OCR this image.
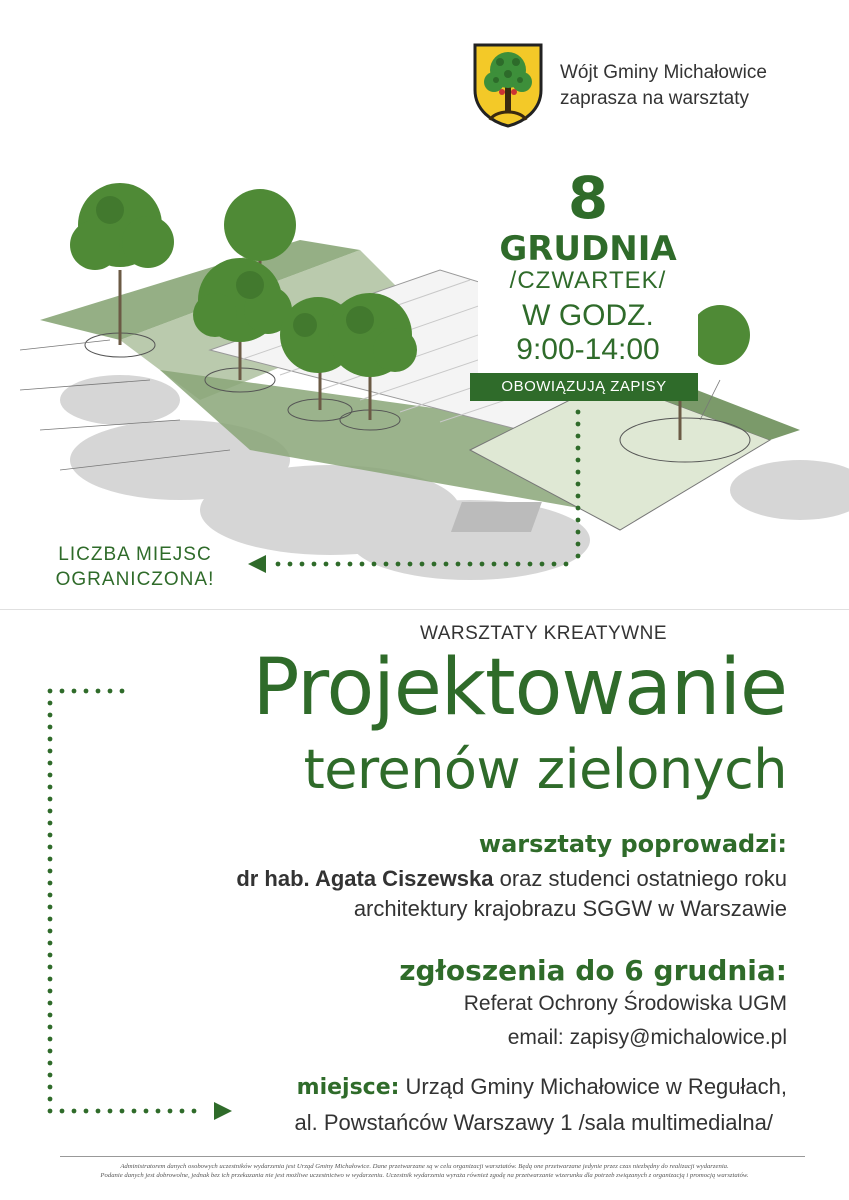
Wójt Gminy Michałowice
zaprasza na warsztaty
8
GRUDNIA
/CZWARTEK/
W GODZ.
9:00-14:00
OBOWIĄZUJĄ ZAPISY
LICZBA MIEJSC
OGRANICZONA!
WARSZTATY KREATYWNE
Projektowanie
terenów zielonych
warsztaty poprowadzi:
dr hab. Agata Ciszewska oraz studenci ostatniego roku
architektury krajobrazu SGGW w Warszawie
zgłoszenia do 6 grudnia:
Referat Ochrony Środowiska UGM
email: zapisy@michalowice.pl
miejsce: Urząd Gminy Michałowice w Regułach,
al. Powstańców Warszawy 1 /sala multimedialna/
Administratorem danych osobowych uczestników wydarzenia jest Urząd Gminy Michałowice. Dane przetwarzane są w celu organizacji warsztatów. Będą one przetwarzane jedynie przez czas niezbędny do realizacji wydarzenia.
Podanie danych jest dobrowolne, jednak bez ich przekazania nie jest możliwe uczestnictwo w wydarzeniu. Uczestnik wydarzenia wyraża również zgodę na przetwarzanie wizerunku dla potrzeb związanych z organizacją i promocją warsztatów.
